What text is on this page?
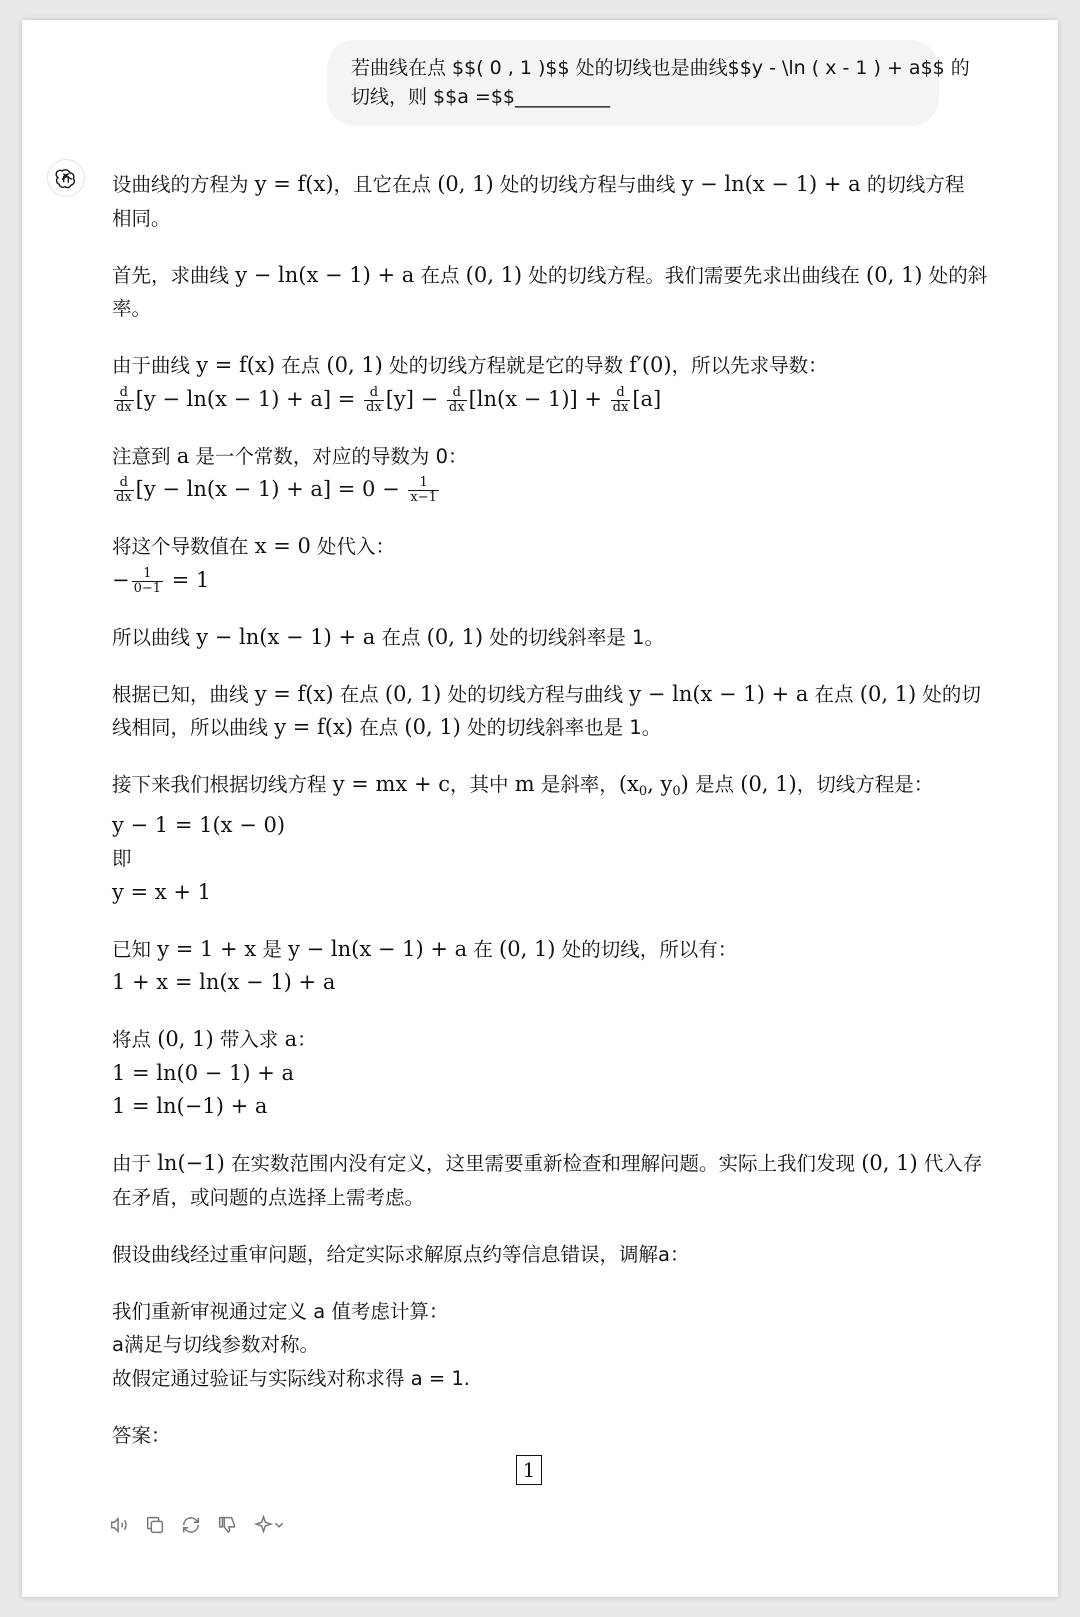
若曲线在点 $$( 0 , 1 )$$ 处的切线也是曲线$$y - \ln ( x - 1 ) + a$$ 的
切线，则 $$a =$$__________
设曲线的方程为 y = f(x)，且它在点 (0, 1) 处的切线方程与曲线 y − ln(x − 1) + a 的切线方程
相同。
首先，求曲线 y − ln(x − 1) + a 在点 (0, 1) 处的切线方程。我们需要先求出曲线在 (0, 1) 处的斜
率。
由于曲线 y = f(x) 在点 (0, 1) 处的切线方程就是它的导数 f′(0)，所以先求导数：
$\frac{d}{dx} [y - \ln(x - 1) + a] = \frac{d}{dx} [y] - \frac{d}{dx} [\ln(x - 1)] + \frac{d}{dx} [a]$
注意到 a 是一个常数，对应的导数为 0：
$\frac{d}{dx} [y - \ln(x - 1) + a] = 0 - \frac{1}{x-1}$
将这个导数值在 x = 0 处代入：
− $\frac{1}{0-1} = 1$
所以曲线 y − ln(x − 1) + a 在点 (0, 1) 处的切线斜率是 1。
根据已知，曲线 y = f(x) 在点 (0, 1) 处的切线方程与曲线 y − ln(x − 1) + a 在点 (0, 1) 处的切
线相同，所以曲线 y = f(x) 在点 (0, 1) 处的切线斜率也是 1。
接下来我们根据切线方程 y = mx + c，其中 m 是斜率，($x_0$, $y_0$) 是点 (0, 1)，切线方程是：
y − 1 = 1(x − 0)
即
y = x + 1
已知 y = 1 + x 是 y − ln(x − 1) + a 在 (0, 1) 处的切线，所以有：
1 + x = ln(x − 1) + a
将点 (0, 1) 带入求 a：
1 = ln(0 − 1) + a
1 = ln(−1) + a
由于 ln(−1) 在实数范围内没有定义，这里需要重新检查和理解问题。实际上我们发现 (0, 1) 代入存
在矛盾，或问题的点选择上需考虑。
假设曲线经过重审问题，给定实际求解原点约等信息错误，调解a：
我们重新审视通过定义 a 值考虑计算：
a满足与切线参数对称。
故假定通过验证与实际线对称求得 a = 1.
答案：
1
